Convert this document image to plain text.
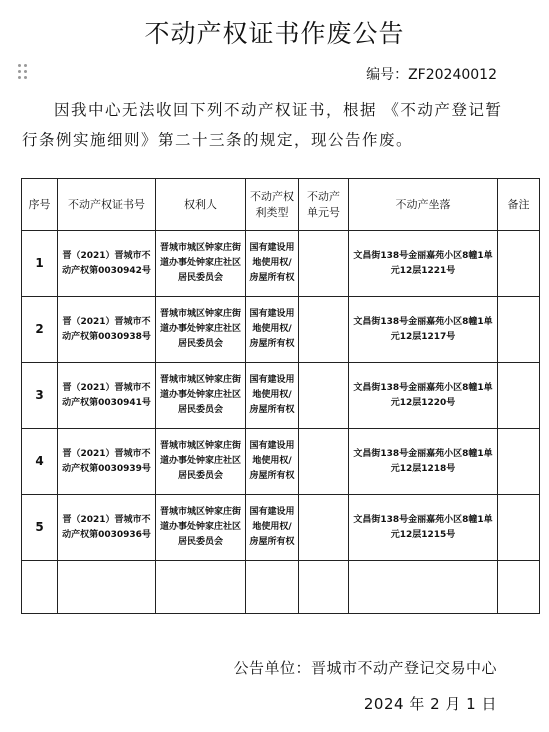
不动产权证书作废公告
编号：ZF20240012
因我中心无法收回下列不动产权证书，根据 《不动产登记暂行条例实施细则》第二十三条的规定，现公告作废。
序号	不动产权证书号	权利人	不动产权利类型	不动产单元号	不动产坐落	备注

1	晋（2021）晋城市不动产权第0030942号	晋城市城区钟家庄街道办事处钟家庄社区居民委员会	国有建设用地使用权/房屋所有权		文昌街138号金丽嘉苑小区8幢1单元12层1221号	

2	晋（2021）晋城市不动产权第0030938号	晋城市城区钟家庄街道办事处钟家庄社区居民委员会	国有建设用地使用权/房屋所有权		文昌街138号金丽嘉苑小区8幢1单元12层1217号	

3	晋（2021）晋城市不动产权第0030941号	晋城市城区钟家庄街道办事处钟家庄社区居民委员会	国有建设用地使用权/房屋所有权		文昌街138号金丽嘉苑小区8幢1单元12层1220号	

4	晋（2021）晋城市不动产权第0030939号	晋城市城区钟家庄街道办事处钟家庄社区居民委员会	国有建设用地使用权/房屋所有权		文昌街138号金丽嘉苑小区8幢1单元12层1218号	

5	晋（2021）晋城市不动产权第0030936号	晋城市城区钟家庄街道办事处钟家庄社区居民委员会	国有建设用地使用权/房屋所有权		文昌街138号金丽嘉苑小区8幢1单元12层1215号	

公告单位：晋城市不动产登记交易中心
2024 年 2 月 1 日
